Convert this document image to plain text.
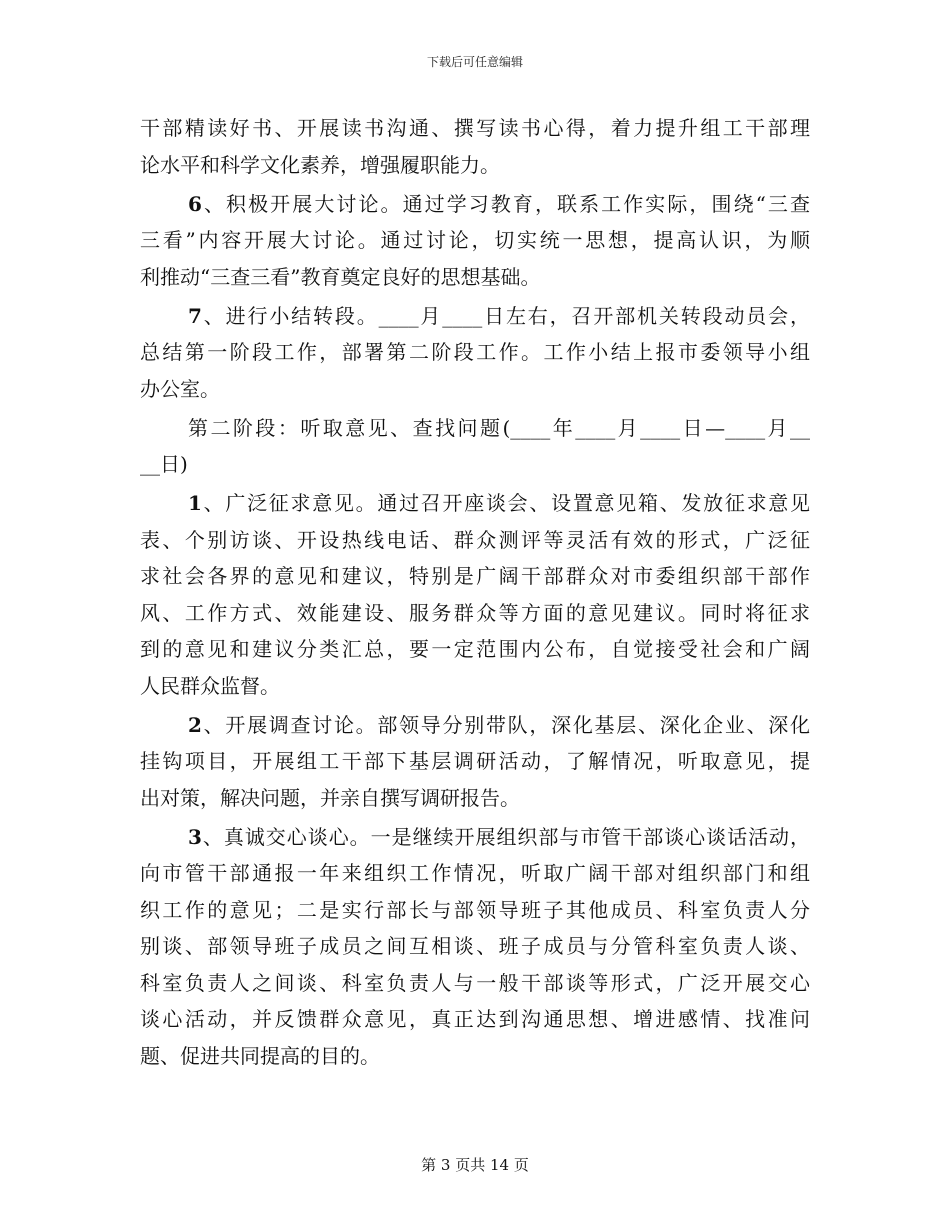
下载后可任意编辑
干部精读好书、开展读书沟通、撰写读书心得，着力提升组工干部理
论水平和科学文化素养，增强履职能力。
6、积极开展大讨论。通过学习教育，联系工作实际，围绕“三查
三看”内容开展大讨论。通过讨论，切实统一思想，提高认识，为顺
利推动“三查三看”教育奠定良好的思想基础。
7、进行小结转段。____月____日左右，召开部机关转段动员会，
总结第一阶段工作，部署第二阶段工作。工作小结上报市委领导小组
办公室。
第二阶段：听取意见、查找问题(____年____月____日—____月__
__日)
1、广泛征求意见。通过召开座谈会、设置意见箱、发放征求意见
表、个别访谈、开设热线电话、群众测评等灵活有效的形式，广泛征
求社会各界的意见和建议，特别是广阔干部群众对市委组织部干部作
风、工作方式、效能建设、服务群众等方面的意见建议。同时将征求
到的意见和建议分类汇总，要一定范围内公布，自觉接受社会和广阔
人民群众监督。
2、开展调查讨论。部领导分别带队，深化基层、深化企业、深化
挂钩项目，开展组工干部下基层调研活动，了解情况，听取意见，提
出对策，解决问题，并亲自撰写调研报告。
3、真诚交心谈心。一是继续开展组织部与市管干部谈心谈话活动，
向市管干部通报一年来组织工作情况，听取广阔干部对组织部门和组
织工作的意见；二是实行部长与部领导班子其他成员、科室负责人分
别谈、部领导班子成员之间互相谈、班子成员与分管科室负责人谈、
科室负责人之间谈、科室负责人与一般干部谈等形式，广泛开展交心
谈心活动，并反馈群众意见，真正达到沟通思想、增进感情、找准问
题、促进共同提高的目的。
第 3 页共 14 页
